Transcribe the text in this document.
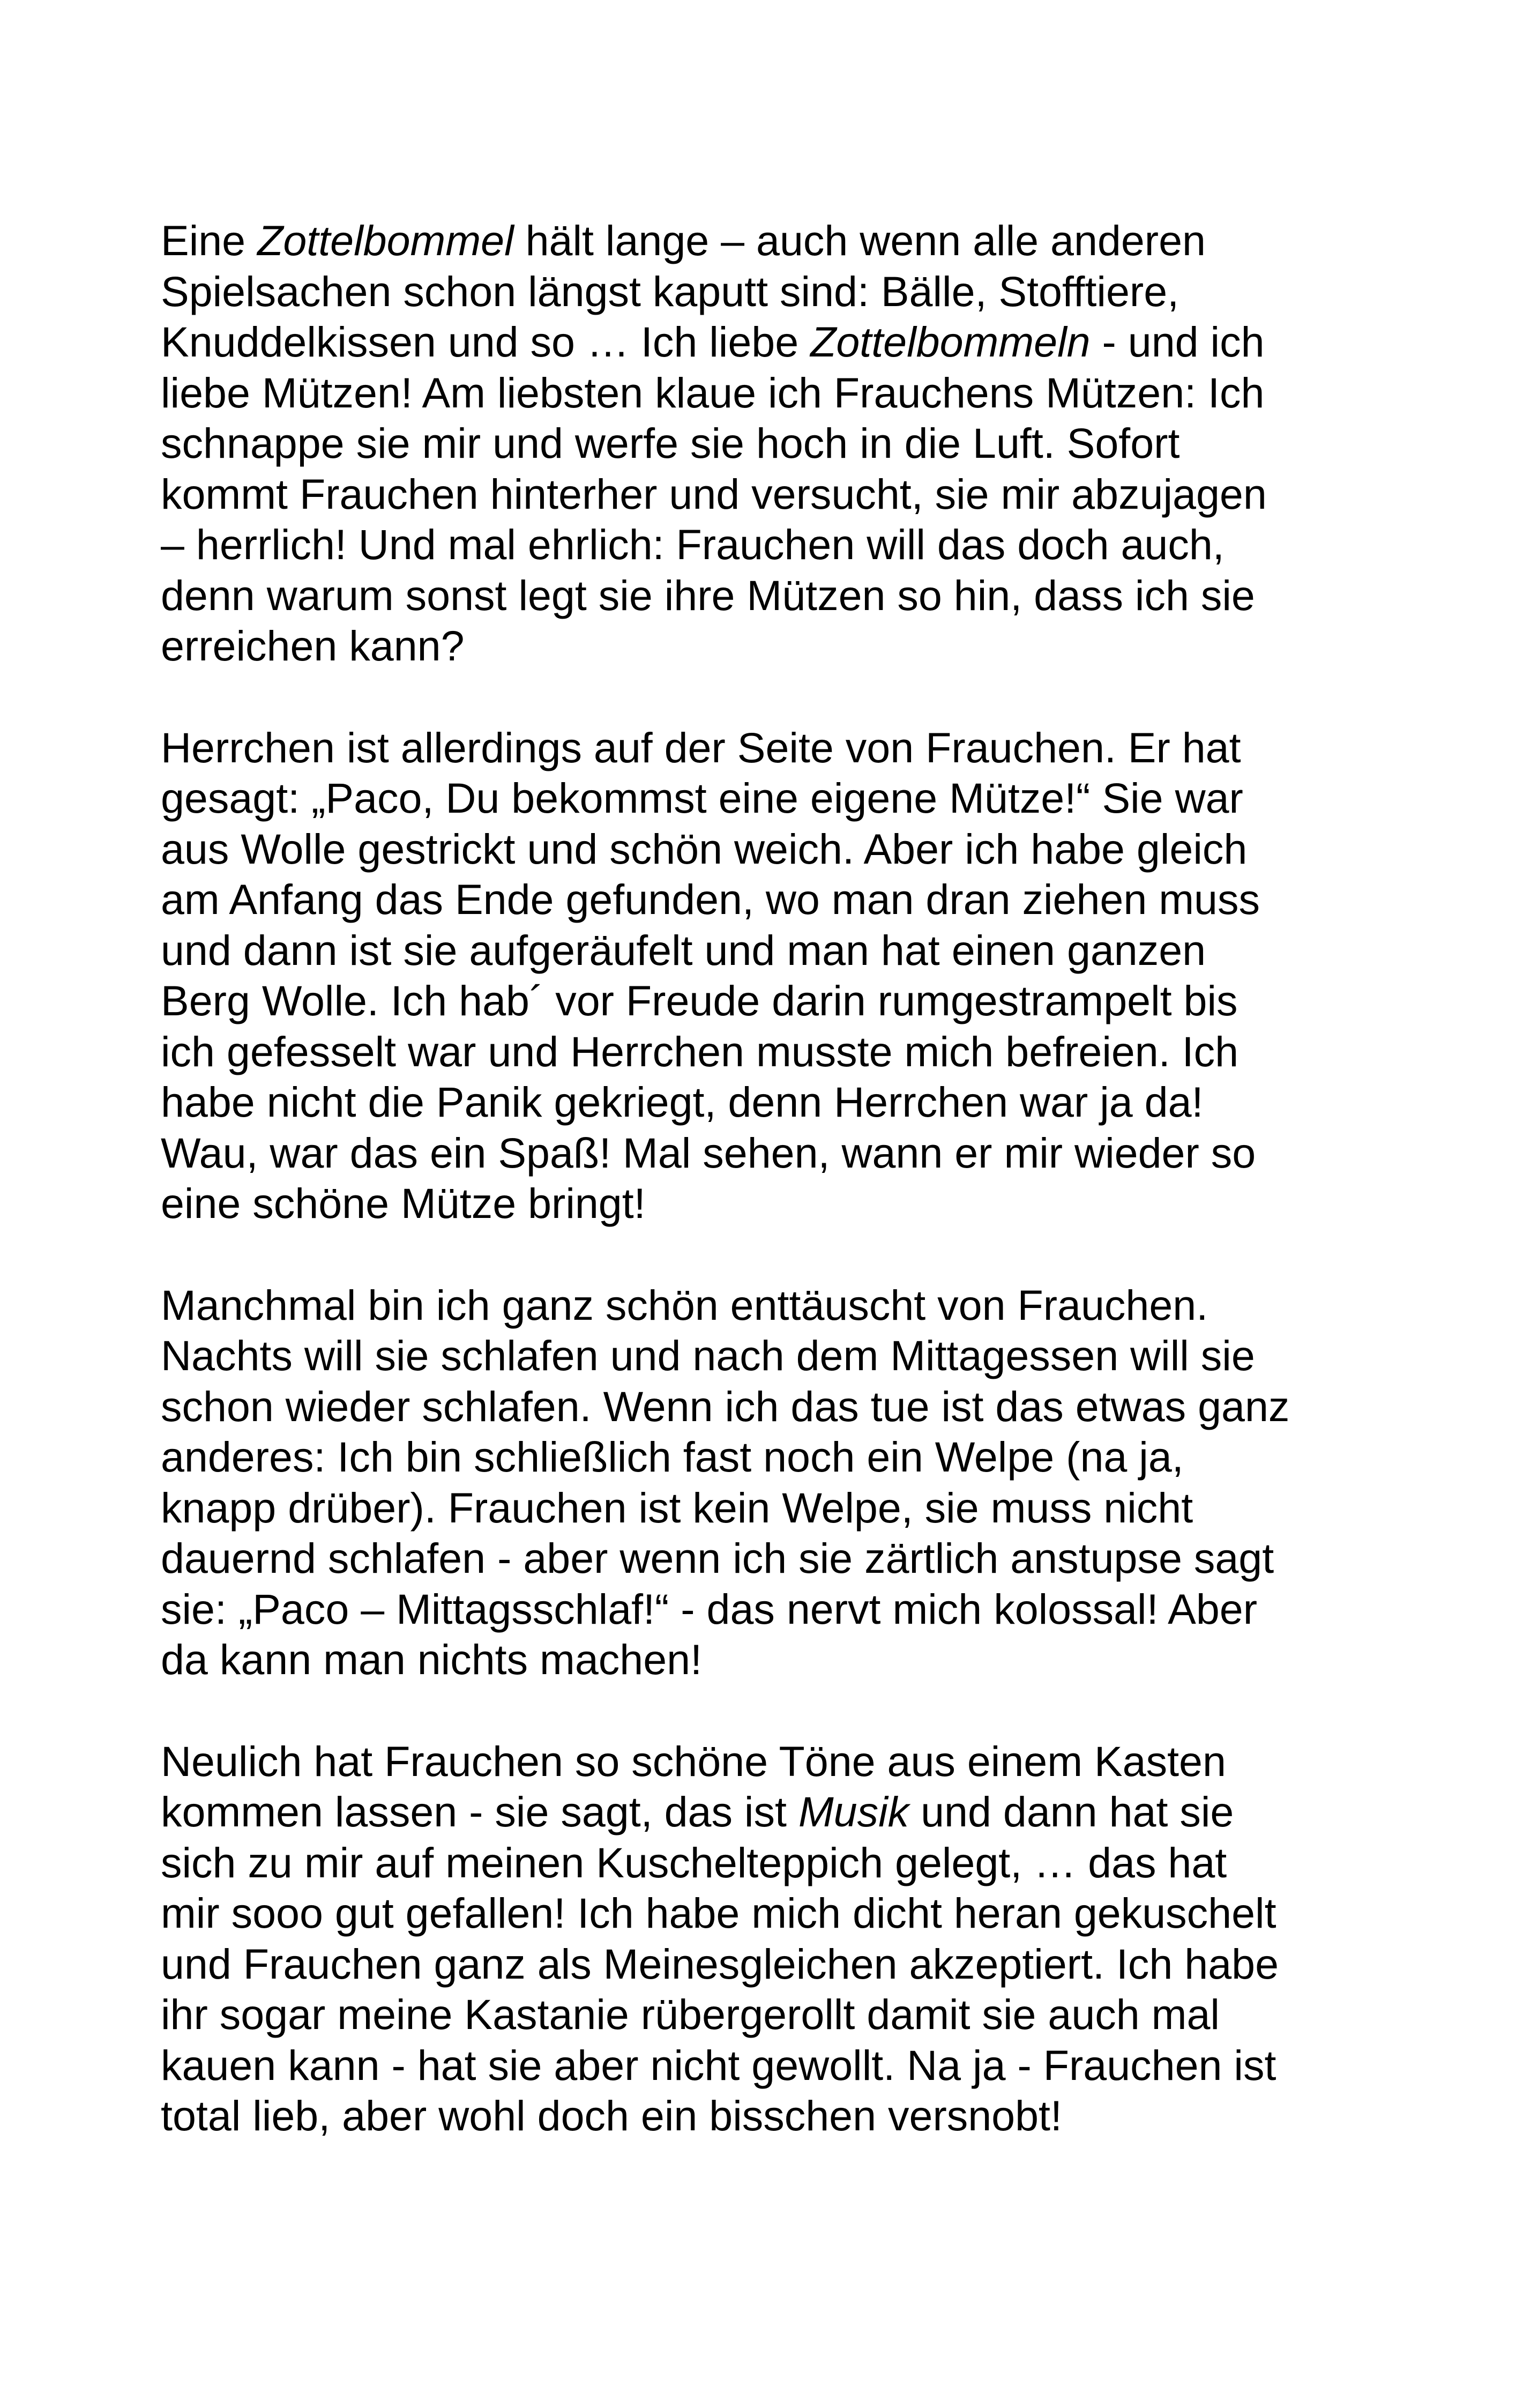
Eine Zottelbommel hält lange – auch wenn alle anderen
Spielsachen schon längst kaputt sind: Bälle, Stofftiere,
Knuddelkissen und so … Ich liebe Zottelbommeln - und ich
liebe Mützen! Am liebsten klaue ich Frauchens Mützen: Ich
schnappe sie mir und werfe sie hoch in die Luft. Sofort
kommt Frauchen hinterher und versucht, sie mir abzujagen
– herrlich! Und mal ehrlich: Frauchen will das doch auch,
denn warum sonst legt sie ihre Mützen so hin, dass ich sie
erreichen kann?

Herrchen ist allerdings auf der Seite von Frauchen. Er hat
gesagt: „Paco, Du bekommst eine eigene Mütze!“ Sie war
aus Wolle gestrickt und schön weich. Aber ich habe gleich
am Anfang das Ende gefunden, wo man dran ziehen muss
und dann ist sie aufgeräufelt und man hat einen ganzen
Berg Wolle. Ich hab´ vor Freude darin rumgestrampelt bis
ich gefesselt war und Herrchen musste mich befreien. Ich
habe nicht die Panik gekriegt, denn Herrchen war ja da!
Wau, war das ein Spaß! Mal sehen, wann er mir wieder so
eine schöne Mütze bringt!

Manchmal bin ich ganz schön enttäuscht von Frauchen.
Nachts will sie schlafen und nach dem Mittagessen will sie
schon wieder schlafen. Wenn ich das tue ist das etwas ganz
anderes: Ich bin schließlich fast noch ein Welpe (na ja,
knapp drüber). Frauchen ist kein Welpe, sie muss nicht
dauernd schlafen - aber wenn ich sie zärtlich anstupse sagt
sie: „Paco – Mittagsschlaf!“ - das nervt mich kolossal! Aber
da kann man nichts machen!

Neulich hat Frauchen so schöne Töne aus einem Kasten
kommen lassen - sie sagt, das ist Musik und dann hat sie
sich zu mir auf meinen Kuschelteppich gelegt, … das hat
mir sooo gut gefallen! Ich habe mich dicht heran gekuschelt
und Frauchen ganz als Meinesgleichen akzeptiert. Ich habe
ihr sogar meine Kastanie rübergerollt damit sie auch mal
kauen kann - hat sie aber nicht gewollt. Na ja - Frauchen ist
total lieb, aber wohl doch ein bisschen versnobt!
